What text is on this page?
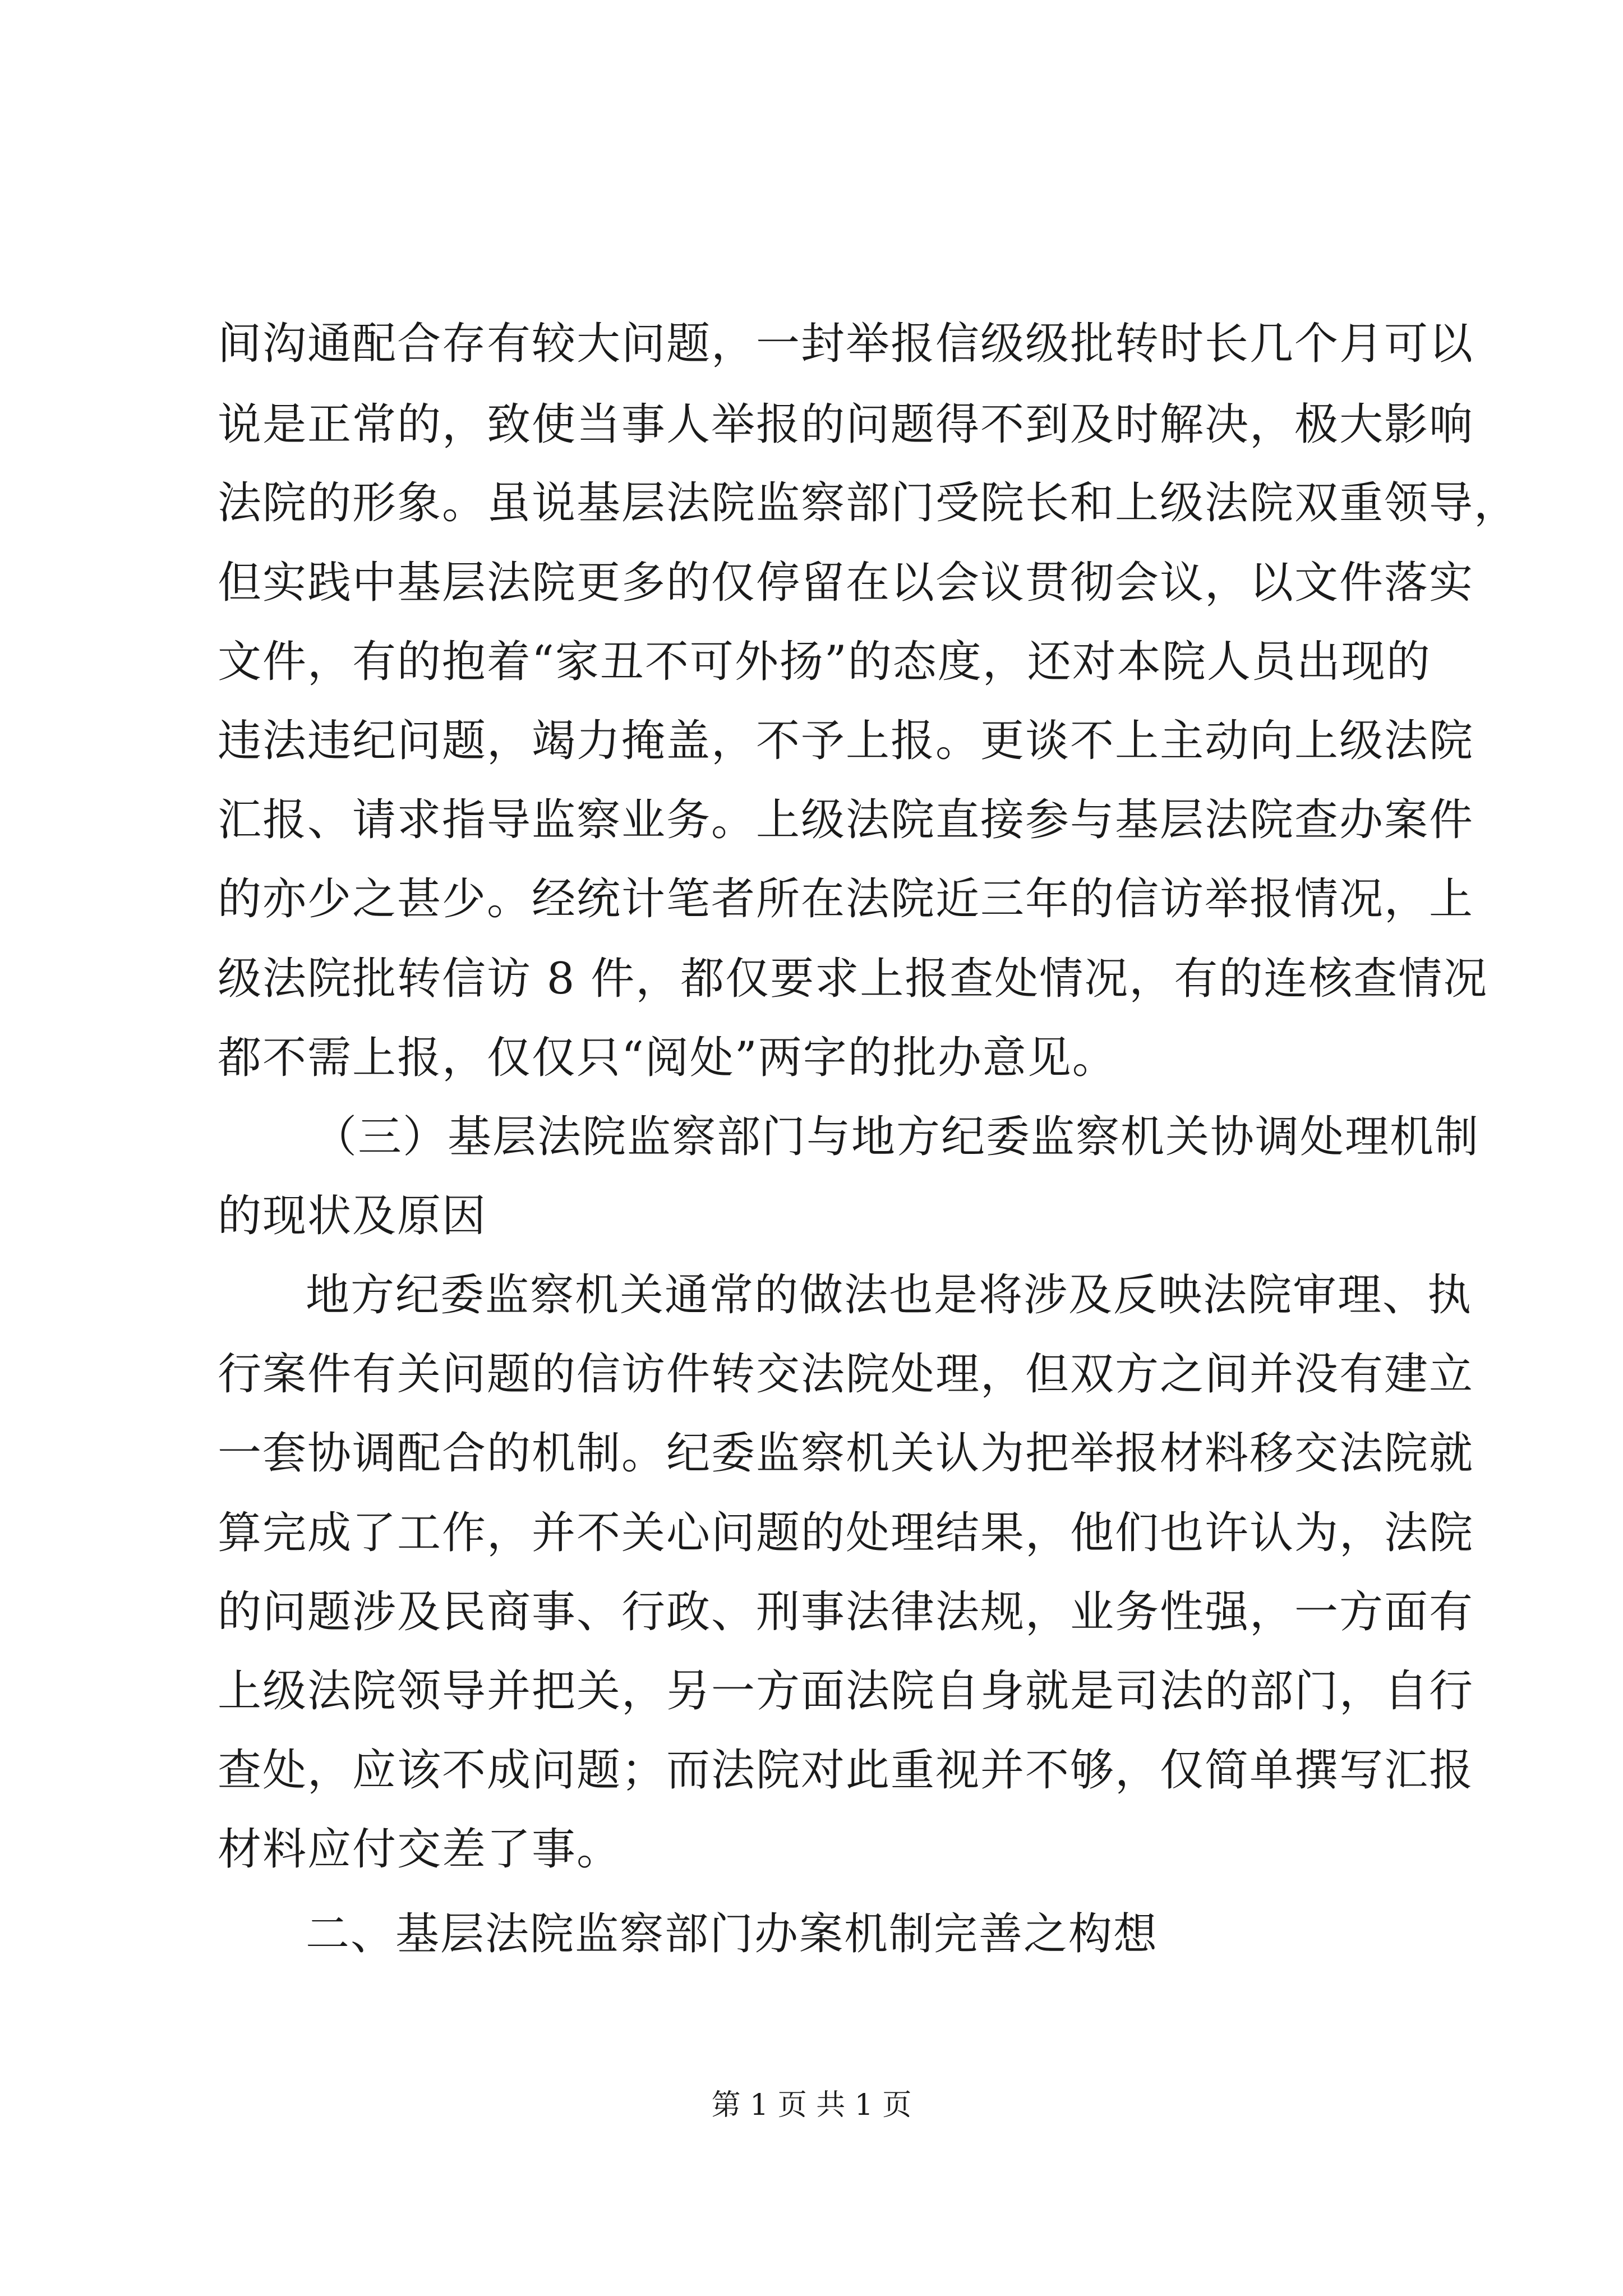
间沟通配合存有较大问题，一封举报信级级批转时长几个月可以
说是正常的，致使当事人举报的问题得不到及时解决，极大影响
法院的形象。虽说基层法院监察部门受院长和上级法院双重领导，
但实践中基层法院更多的仅停留在以会议贯彻会议，以文件落实
文件，有的抱着“家丑不可外扬”的态度，还对本院人员出现的
违法违纪问题，竭力掩盖，不予上报。更谈不上主动向上级法院
汇报、请求指导监察业务。上级法院直接参与基层法院查办案件
的亦少之甚少。经统计笔者所在法院近三年的信访举报情况，上
级法院批转信访 8 件，都仅要求上报查处情况，有的连核查情况
都不需上报，仅仅只“阅处”两字的批办意见。
（三）基层法院监察部门与地方纪委监察机关协调处理机制
的现状及原因
地方纪委监察机关通常的做法也是将涉及反映法院审理、执
行案件有关问题的信访件转交法院处理，但双方之间并没有建立
一套协调配合的机制。纪委监察机关认为把举报材料移交法院就
算完成了工作，并不关心问题的处理结果，他们也许认为，法院
的问题涉及民商事、行政、刑事法律法规，业务性强，一方面有
上级法院领导并把关，另一方面法院自身就是司法的部门，自行
查处，应该不成问题；而法院对此重视并不够，仅简单撰写汇报
材料应付交差了事。
二、基层法院监察部门办案机制完善之构想
第 1 页 共 1 页
